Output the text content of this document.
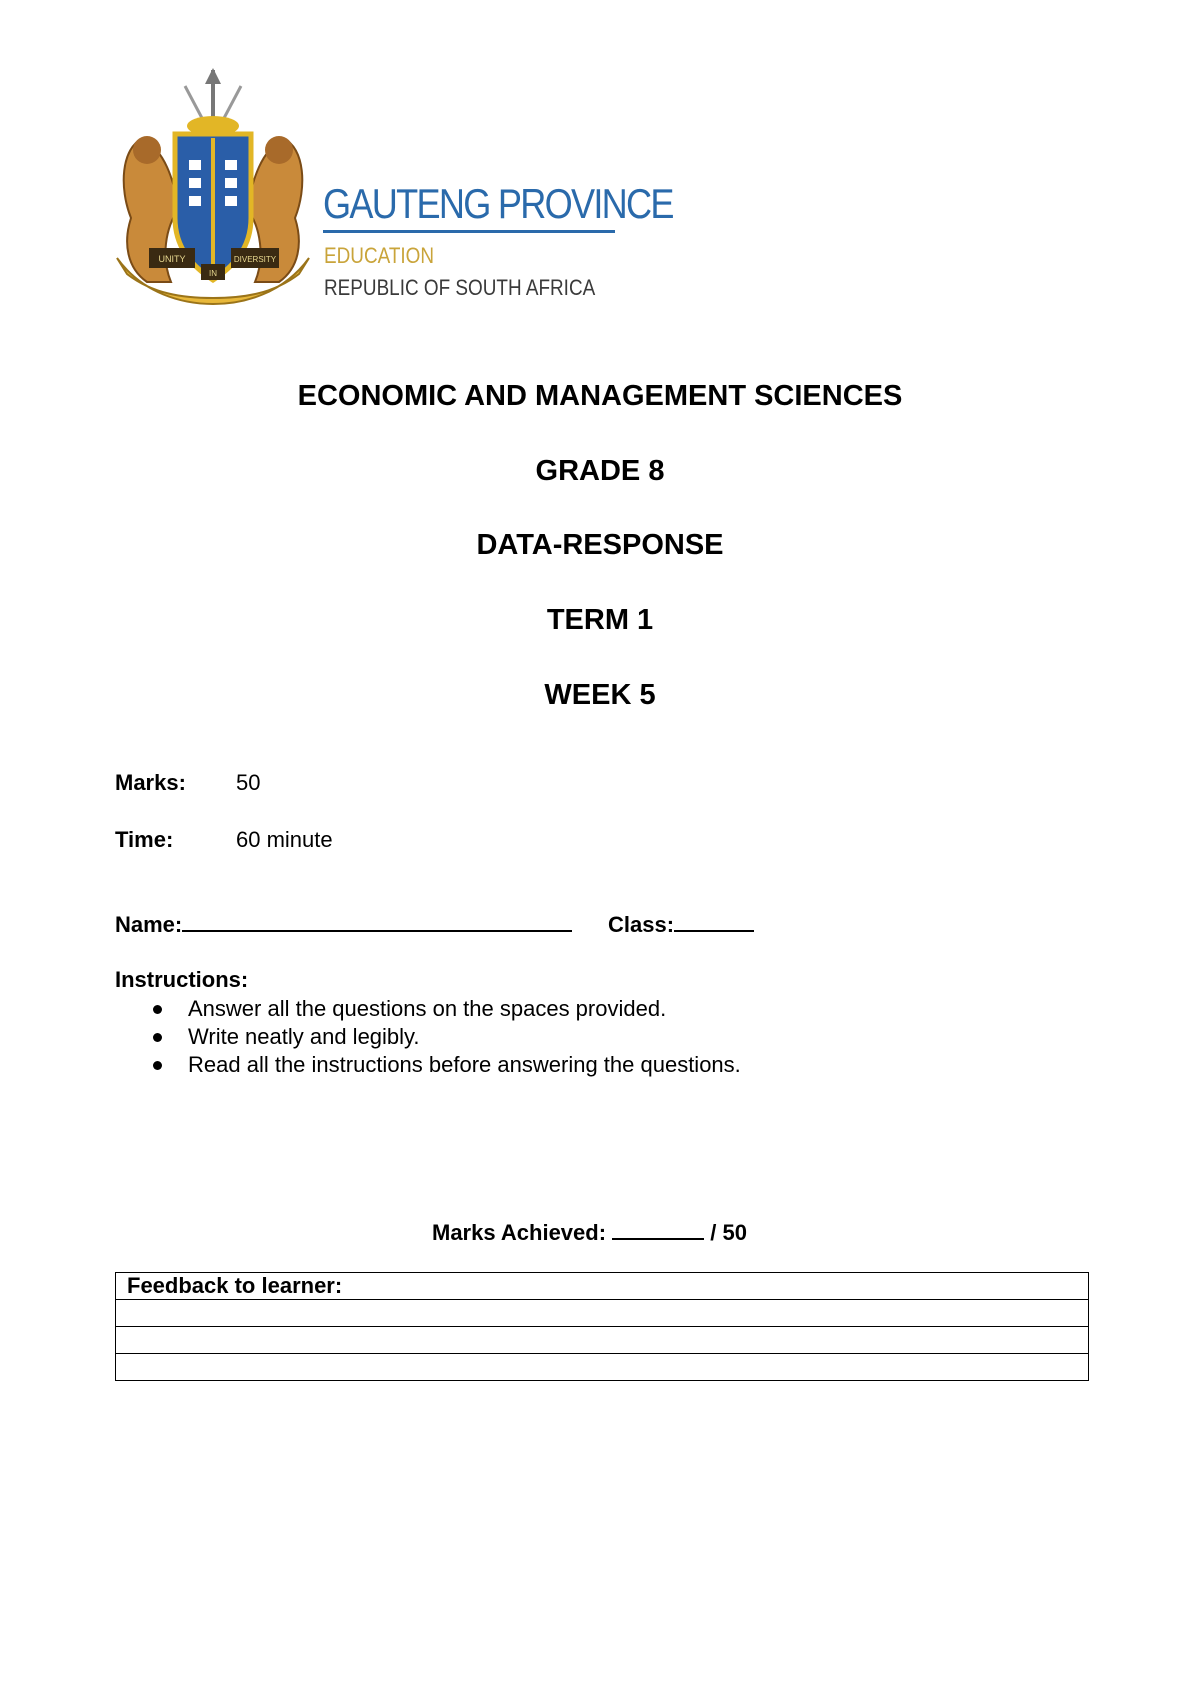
UNITY
IN
DIVERSITY
GAUTENG PROVINCE
EDUCATION
REPUBLIC OF SOUTH AFRICA
ECONOMIC AND MANAGEMENT SCIENCES
GRADE 8
DATA-RESPONSE
TERM 1
WEEK 5
Marks: 50
Time:	60 minute
Name:	Class:
Instructions:
Answer all the questions on the spaces provided.
Write neatly and legibly.
Read all the instructions before answering the questions.
Marks Achieved:	/ 50
Feedback to learner:
